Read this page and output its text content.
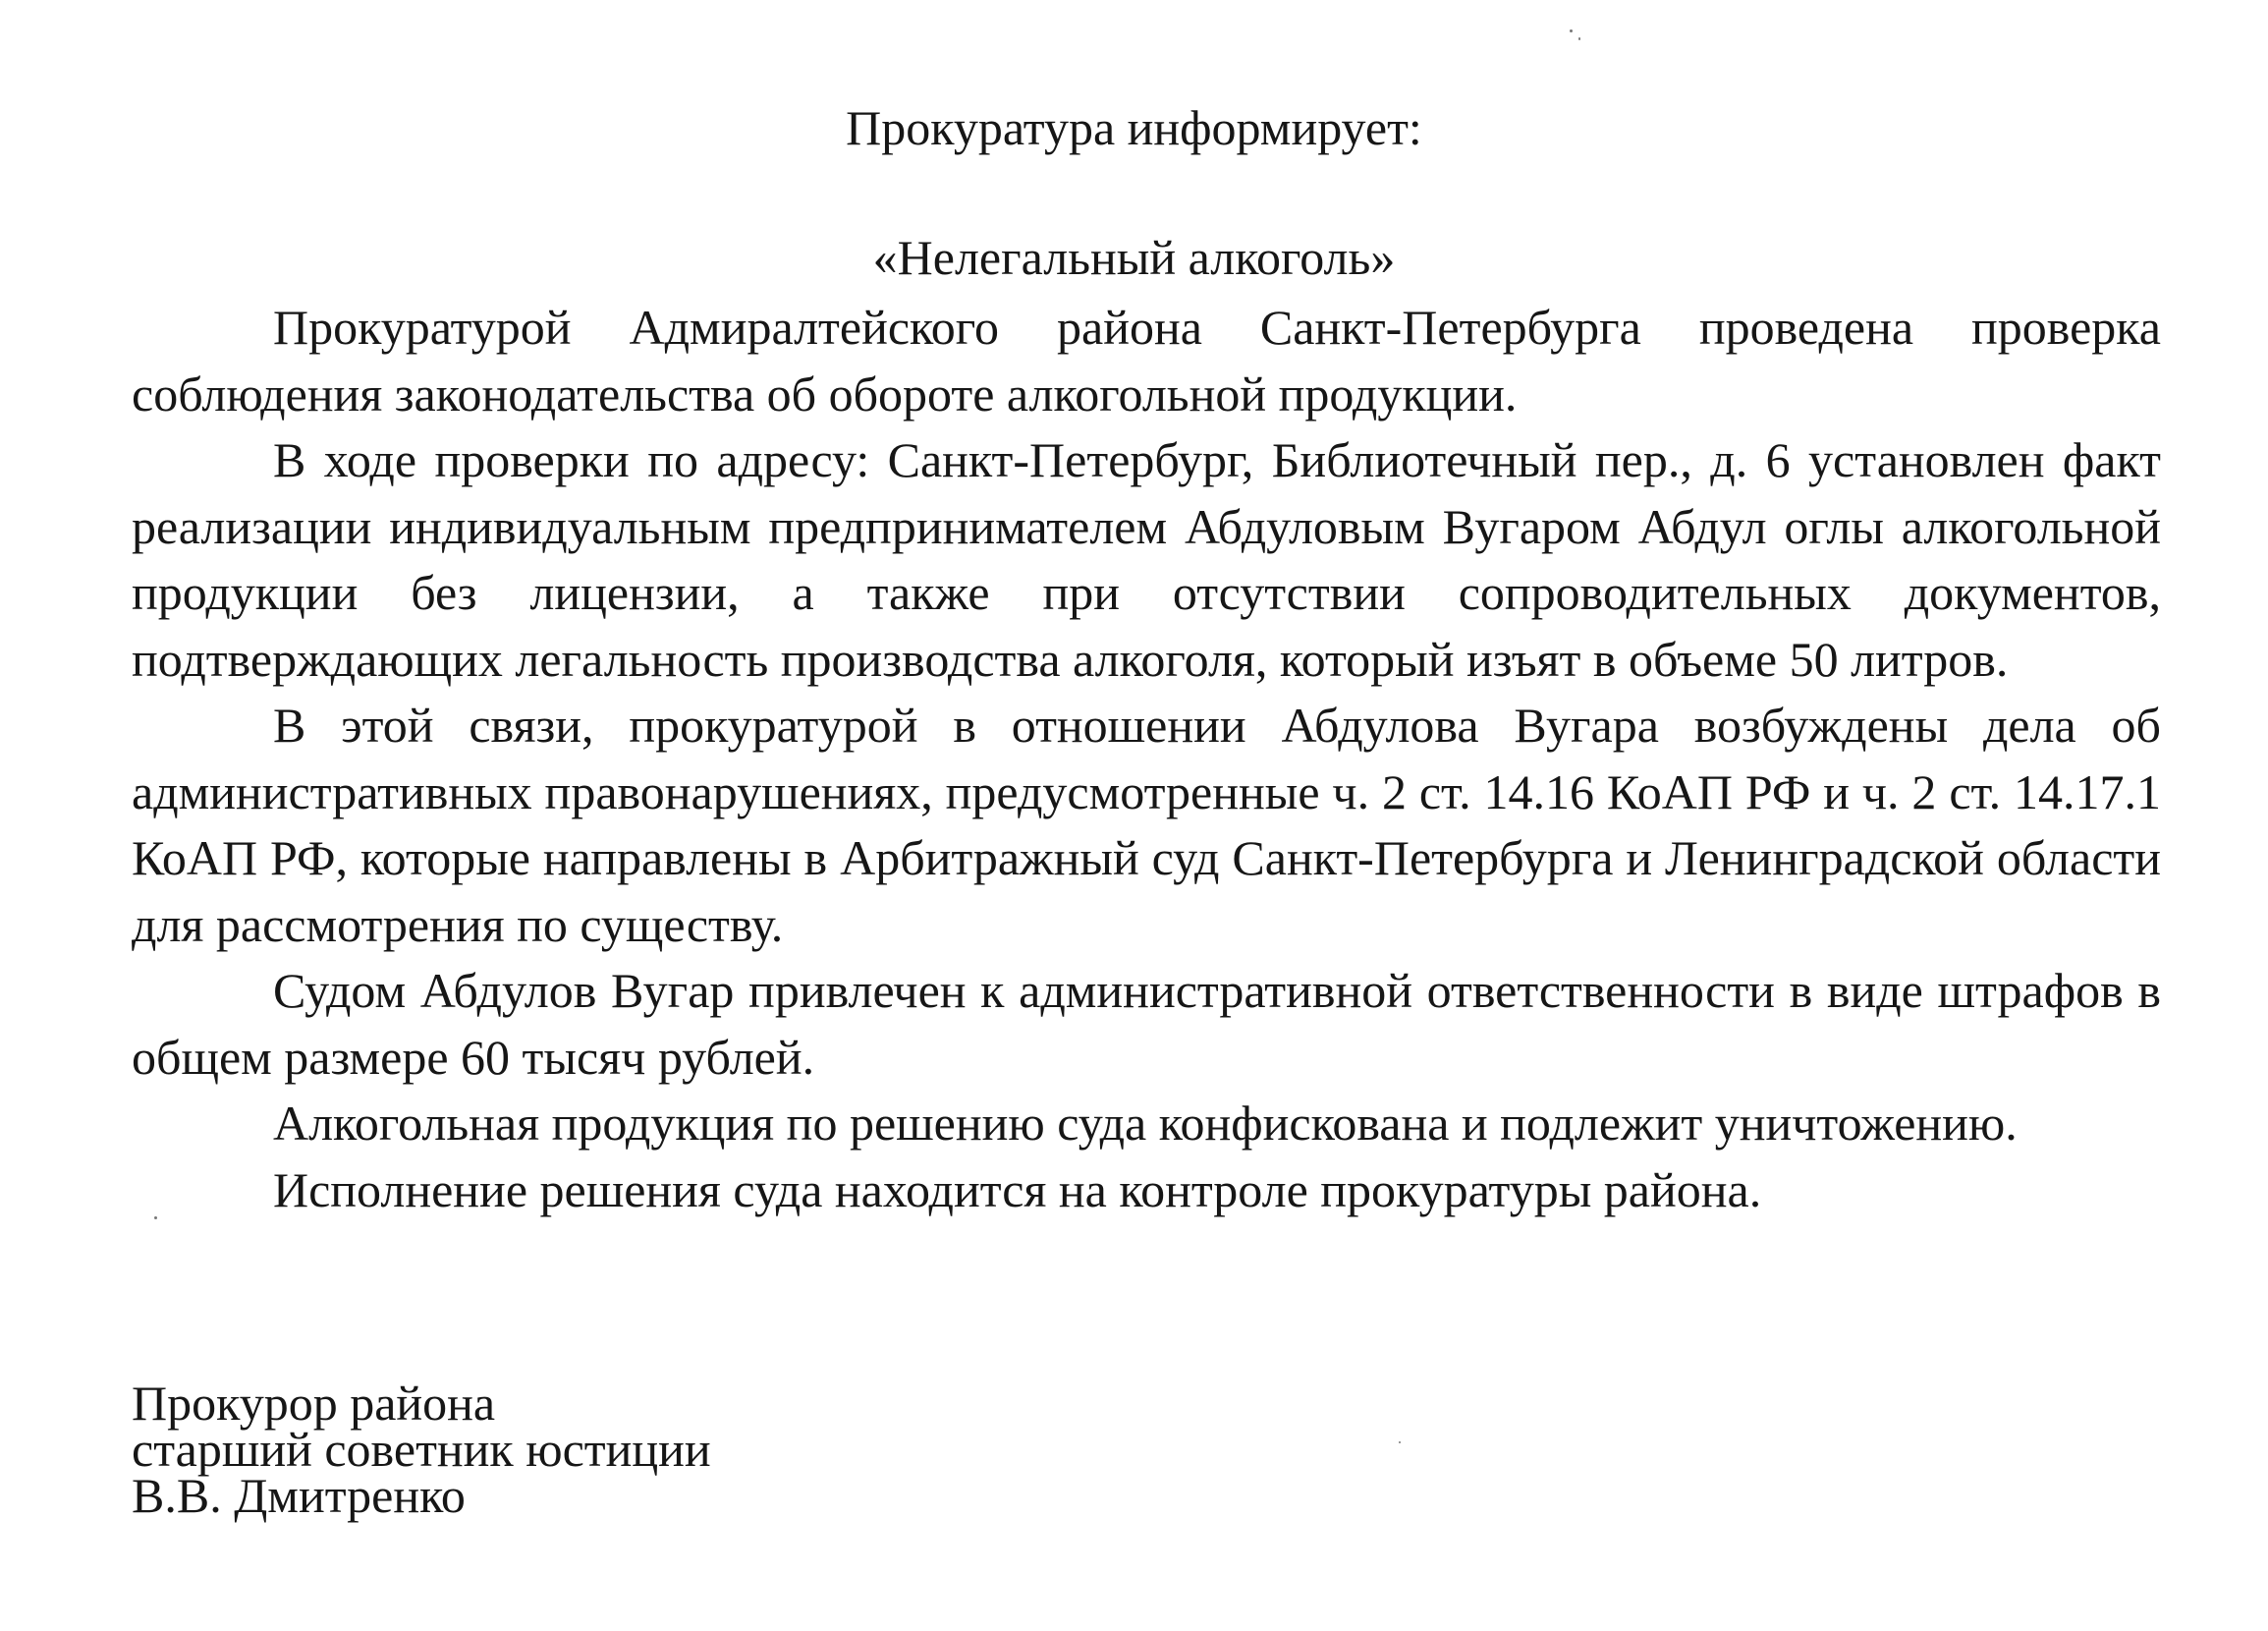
Прокуратура информирует:
«Нелегальный алкоголь»

Прокуратурой Адмиралтейского района Санкт-Петербурга проведена проверка соблюдения законодательства об обороте алкогольной продукции.

В ходе проверки по адресу: Санкт-Петербург, Библиотечный пер., д. 6 установлен факт реализации индивидуальным предпринимателем Абдуловым Вугаром Абдул оглы алкогольной продукции без лицензии, а также при отсутствии сопроводительных документов, подтверждающих легальность производства алкоголя, который изъят в объеме 50 литров.

В этой связи, прокуратурой в отношении Абдулова Вугара возбуждены дела об административных правонарушениях, предусмотренные ч. 2 ст. 14.16 КоАП РФ и ч. 2 ст. 14.17.1 КоАП РФ, которые направлены в Арбитражный суд Санкт-Петербурга и Ленинградской области для рассмотрения по существу.

Судом Абдулов Вугар привлечен к административной ответственности в виде штрафов в общем размере 60 тысяч рублей.

Алкогольная продукция по решению суда конфискована и подлежит уничтожению.

Исполнение решения суда находится на контроле прокуратуры района.

Прокурор района
старший советник юстиции
В.В. Дмитренко
